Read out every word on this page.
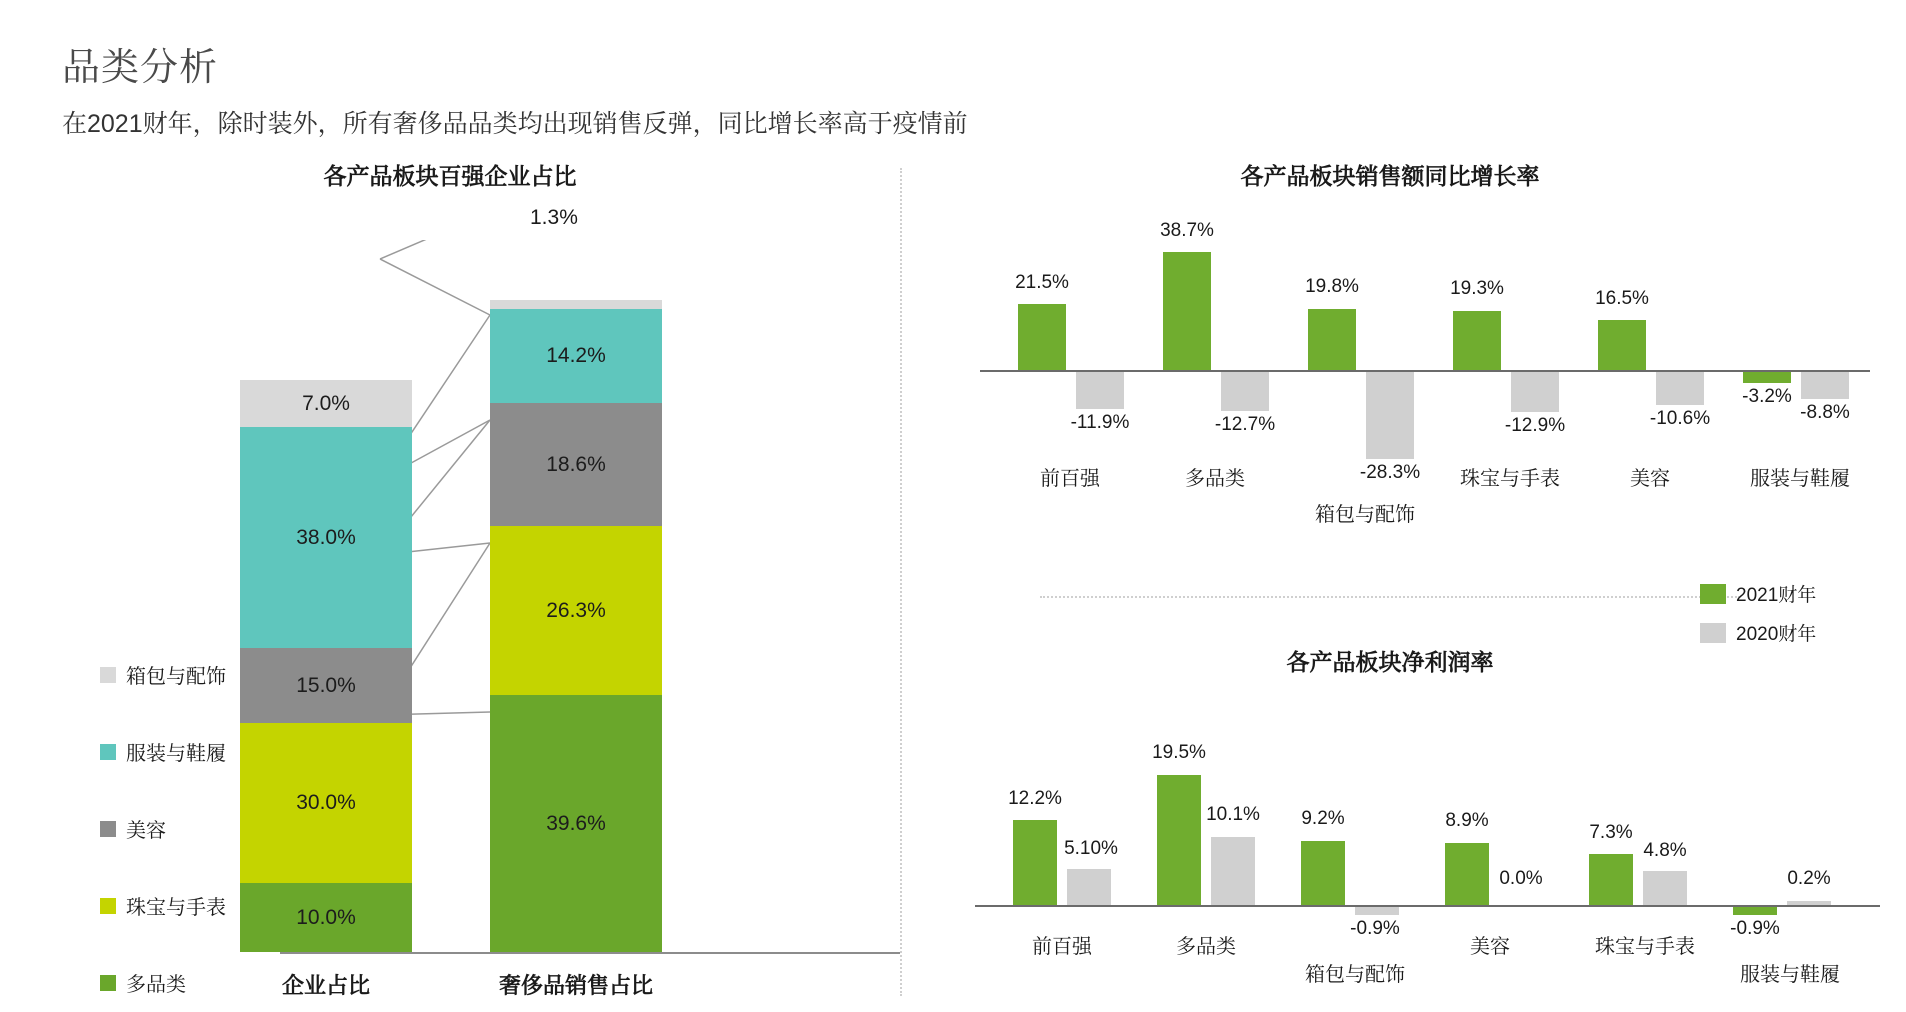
品类分析
在2021财年，除时装外，所有奢侈品品类均出现销售反弹，同比增长率高于疫情前
各产品板块百强企业占比	各产品板块销售额同比增长率
各产品板块净利润率
7.0%
38.0%
15.0%
30.0%
10.0%
14.2%
18.6%
26.3%
39.6%
1.3%
企业占比	奢侈品销售占比
箱包与配饰
服装与鞋履
美容
珠宝与手表
多品类
21.5%
-11.9%
前百强
38.7%
-12.7%
多品类
19.8%
-28.3%
箱包与配饰
19.3%
-12.9%
珠宝与手表
16.5%
-10.6%
美容
-3.2%
-8.8%
服装与鞋履
2021财年
2020财年
12.2%
5.10%
前百强
19.5%
10.1%
多品类
9.2%
-0.9%
箱包与配饰
8.9%
0.0%
美容
7.3%
4.8%
珠宝与手表
-0.9%
0.2%
服装与鞋履
